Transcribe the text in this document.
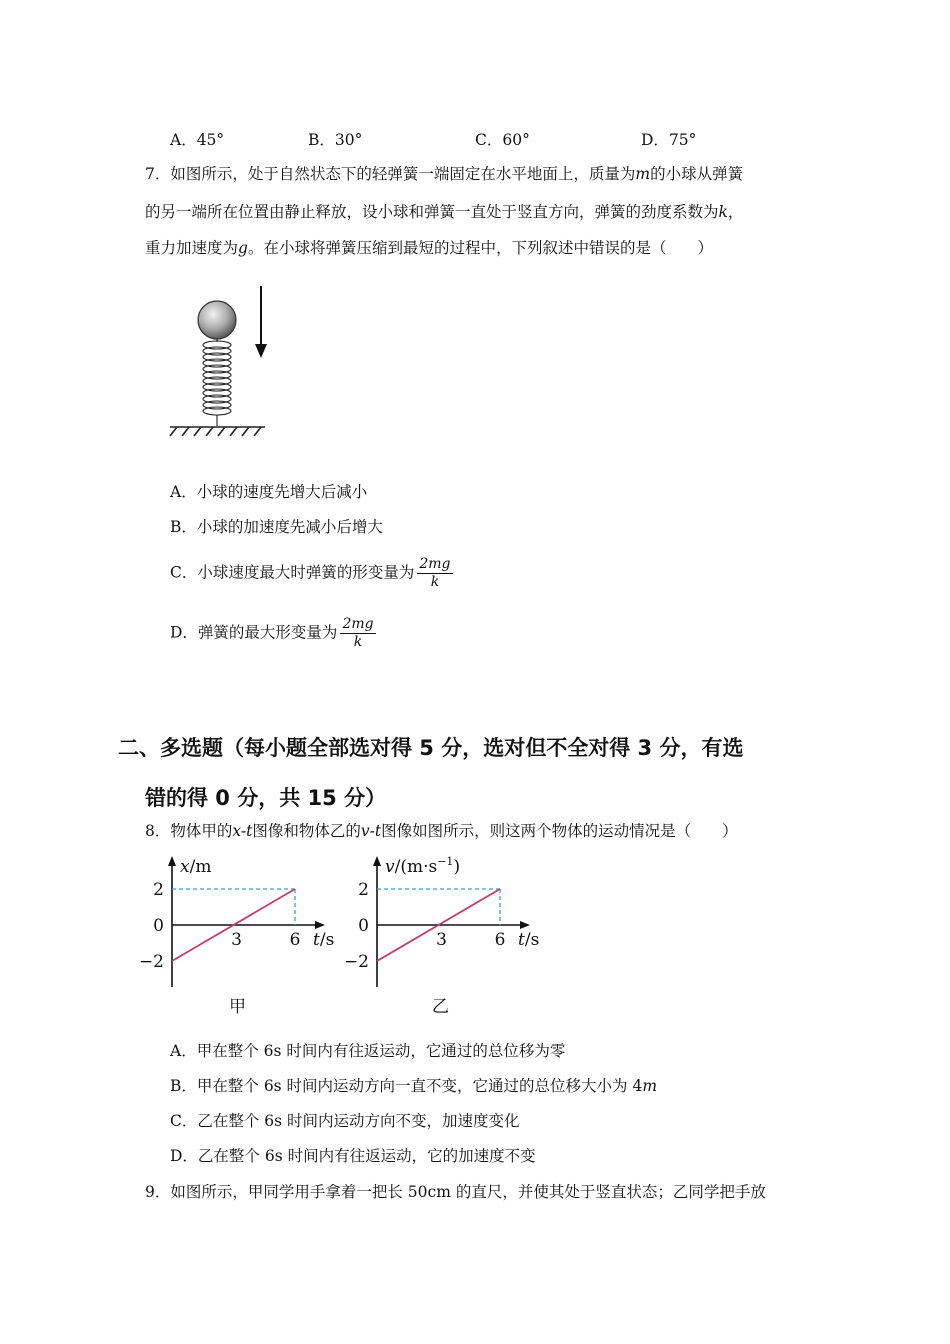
A．45°	B．30°	C．60°	D．75°
7．如图所示，处于自然状态下的轻弹簧一端固定在水平地面上，质量为m的小球从弹簧
的另一端所在位置由静止释放，设小球和弹簧一直处于竖直方向，弹簧的劲度系数为k，
重力加速度为g。在小球将弹簧压缩到最短的过程中，下列叙述中错误的是（　　）
A．小球的速度先增大后减小
B．小球的加速度先减小后增大
C．小球速度最大时弹簧的形变量为 $\frac{2mg}{k}$
D．弹簧的最大形变量为 $\frac{2mg}{k}$
二、多选题（每小题全部选对得 5 分，选对但不全对得 3 分，有选
错的得 0 分，共 15 分）
8．物体甲的x-t图像和物体乙的v-t图像如图所示，则这两个物体的运动情况是（　　）
2
0
−2
3	6 t/s
x/m
2
0
−2
3	6 t/s
$v/(m\cdot s^{-1})$
甲	乙
A．甲在整个 6s 时间内有往返运动，它通过的总位移为零
B．甲在整个 6s 时间内运动方向一直不变，它通过的总位移大小为 4m
C．乙在整个 6s 时间内运动方向不变，加速度变化
D．乙在整个 6s 时间内有往返运动，它的加速度不变
9．如图所示，甲同学用手拿着一把长 50cm 的直尺，并使其处于竖直状态；乙同学把手放
